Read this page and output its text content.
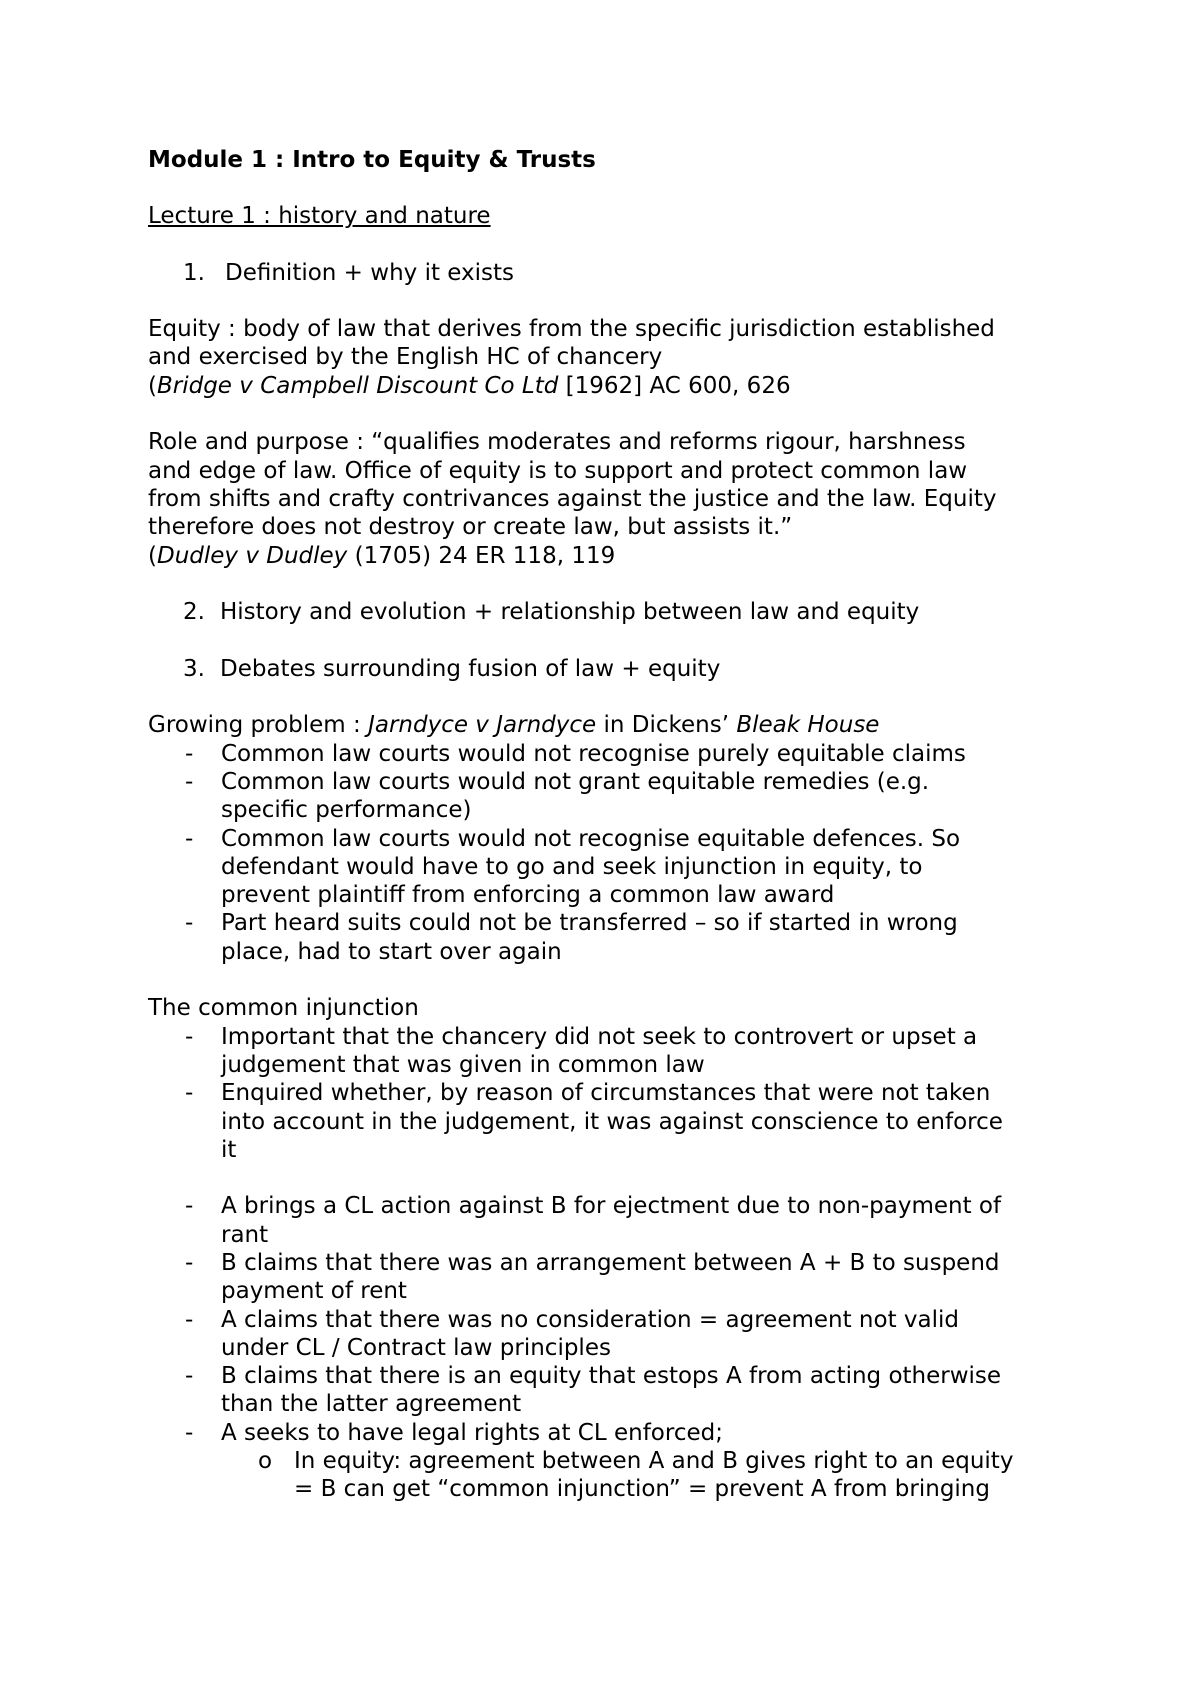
Module 1 : Intro to Equity & Trusts

Lecture 1 : history and nature

1. Definition + why it exists

Equity : body of law that derives from the specific jurisdiction established

and exercised by the English HC of chancery

(Bridge v Campbell Discount Co Ltd [1962] AC 600, 626

Role and purpose : “qualifies moderates and reforms rigour, harshness

and edge of law. Office of equity is to support and protect common law

from shifts and crafty contrivances against the justice and the law. Equity

therefore does not destroy or create law, but assists it.”

(Dudley v Dudley (1705) 24 ER 118, 119

2. History and evolution + relationship between law and equity
3. Debates surrounding fusion of law + equity

Growing problem : Jarndyce v Jarndyce in Dickens’ Bleak House

-	Common law courts would not recognise purely equitable claims

-	Common law courts would not grant equitable remedies (e.g.

specific performance)

-	Common law courts would not recognise equitable defences. So

defendant would have to go and seek injunction in equity, to

prevent plaintiff from enforcing a common law award

-	Part heard suits could not be transferred – so if started in wrong

place, had to start over again

The common injunction

-	Important that the chancery did not seek to controvert or upset a

judgement that was given in common law

-	Enquired whether, by reason of circumstances that were not taken

into account in the judgement, it was against conscience to enforce

it

-	A brings a CL action against B for ejectment due to non-payment of

rant

-	B claims that there was an arrangement between A + B to suspend

payment of rent

-	A claims that there was no consideration = agreement not valid

under CL / Contract law principles

-	B claims that there is an equity that estops A from acting otherwise

than the latter agreement

-	A seeks to have legal rights at CL enforced;

o In equity: agreement between A and B gives right to an equity

= B can get “common injunction” = prevent A from bringing
